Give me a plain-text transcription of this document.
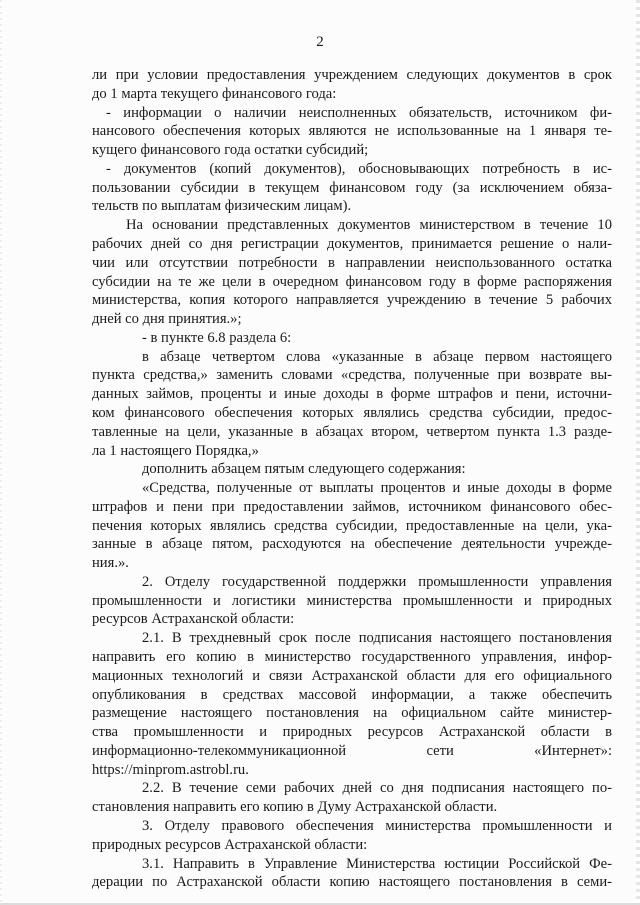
2
ли при условии предоставления учреждением следующих документов в срок
до 1 марта текущего финансового года:
- информации о наличии неисполненных обязательств, источником фи-
нансового обеспечения которых являются не использованные на 1 января те-
кущего финансового года остатки субсидий;
- документов (копий документов), обосновывающих потребность в ис-
пользовании субсидии в текущем финансовом году (за исключением обяза-
тельств по выплатам физическим лицам).
На основании представленных документов министерством в течение 10
рабочих дней со дня регистрации документов, принимается решение о нали-
чии или отсутствии потребности в направлении неиспользованного остатка
субсидии на те же цели в очередном финансовом году в форме распоряжения
министерства, копия которого направляется учреждению в течение 5 рабочих
дней со дня принятия.»;
- в пункте 6.8 раздела 6:
в абзаце четвертом слова «указанные в абзаце первом настоящего
пункта средства,» заменить словами «средства, полученные при возврате вы-
данных займов, проценты и иные доходы в форме штрафов и пени, источни-
ком финансового обеспечения которых являлись средства субсидии, предос-
тавленные на цели, указанные в абзацах втором, четвертом пункта 1.3 разде-
ла 1 настоящего Порядка,»
дополнить абзацем пятым следующего содержания:
«Средства, полученные от выплаты процентов и иные доходы в форме
штрафов и пени при предоставлении займов, источником финансового обес-
печения которых являлись средства субсидии, предоставленные на цели, ука-
занные в абзаце пятом, расходуются на обеспечение деятельности учрежде-
ния.».
2. Отделу государственной поддержки промышленности управления
промышленности и логистики министерства промышленности и природных
ресурсов Астраханской области:
2.1. В трехдневный срок после подписания настоящего постановления
направить его копию в министерство государственного управления, инфор-
мационных технологий и связи Астраханской области для его официального
опубликования в средствах массовой информации, а также обеспечить
размещение настоящего постановления на официальном сайте министер-
ства промышленности и природных ресурсов Астраханской области в
информационно-телекоммуникационной сети «Интернет»:
https://minprom.astrobl.ru.
2.2. В течение семи рабочих дней со дня подписания настоящего по-
становления направить его копию в Думу Астраханской области.
3. Отделу правового обеспечения министерства промышленности и
природных ресурсов Астраханской области:
3.1. Направить в Управление Министерства юстиции Российской Фе-
дерации по Астраханской области копию настоящего постановления в семи-
